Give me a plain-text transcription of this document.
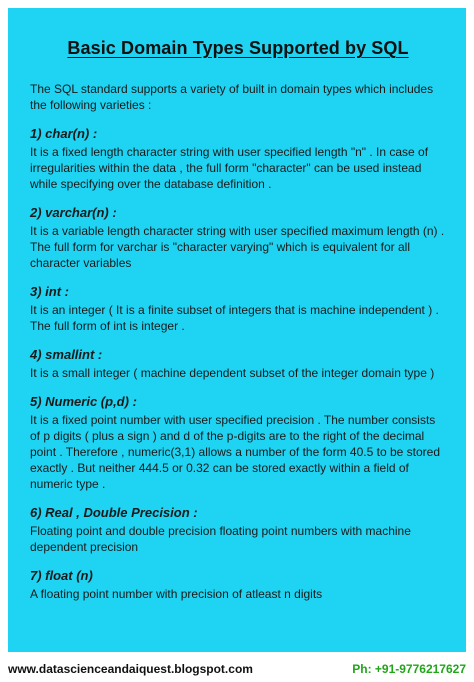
Basic Domain Types Supported by SQL
The SQL standard supports a variety of built in domain types which includes the following varieties :
1) char(n) :
It is a fixed length character string with user specified length "n" . In case of irregularities within the data , the full form "character" can be used instead while specifying over the database definition .
2) varchar(n) :
It is a variable length character string with user specified maximum length (n) . The full form for varchar is "character varying" which is equivalent for all character variables
3) int :
It is an integer ( It is a finite subset of integers that is machine independent ) . The full form of int is integer .
4) smallint :
It is a small integer ( machine dependent subset of the integer domain type )
5) Numeric (p,d) :
It is a fixed point number with user specified precision . The number consists of p digits ( plus a sign ) and d of the p-digits are to the right of the decimal point . Therefore , numeric(3,1) allows a number of the form 40.5 to be stored exactly . But neither 444.5 or 0.32 can be stored exactly within a field of numeric type .
6) Real , Double Precision :
Floating point and double precision floating point numbers with machine dependent precision
7) float (n)
A floating point number with precision of atleast n digits
www.datascienceandaiquest.blogspot.com	Ph: +91-9776217627
